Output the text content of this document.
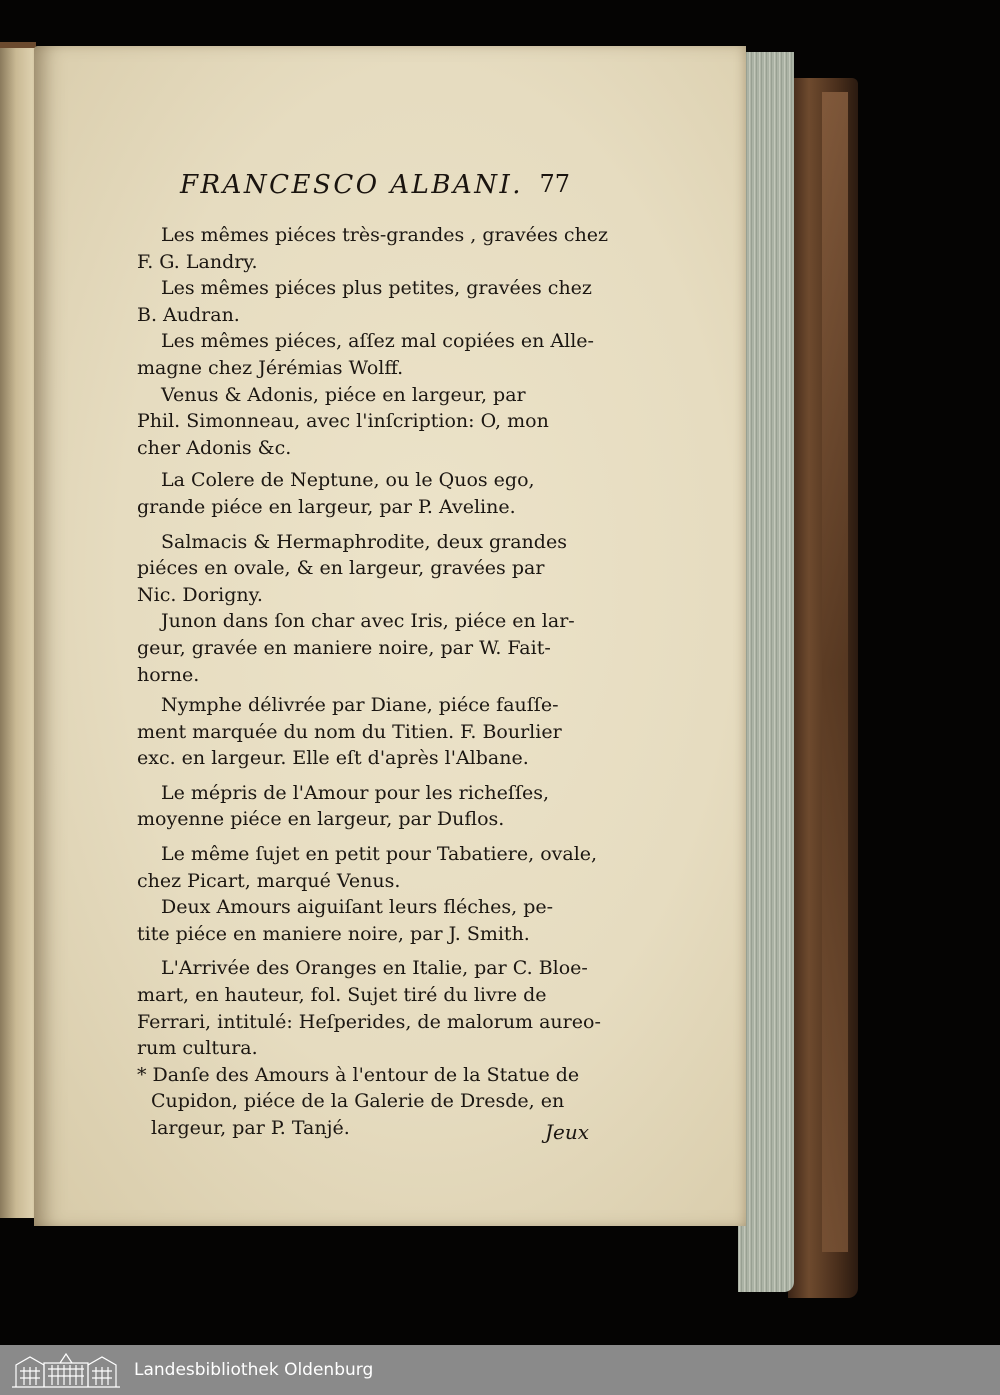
FRANCESCO ALBANI. 77
Les mêmes piéces très-grandes , gravées chez
F. G. Landry.
Les mêmes piéces plus petites, gravées chez
B. Audran.
Les mêmes piéces, aſſez mal copiées en Alle-
magne chez Jérémias Wolff.
Venus & Adonis, piéce en largeur, par
Phil. Simonneau, avec l'inſcription: O, mon
cher Adonis &c.
La Colere de Neptune, ou le Quos ego,
grande piéce en largeur, par P. Aveline.
Salmacis & Hermaphrodite, deux grandes
piéces en ovale, & en largeur, gravées par
Nic. Dorigny.
Junon dans ſon char avec Iris, piéce en lar-
geur, gravée en maniere noire, par W. Fait-
horne.
Nymphe délivrée par Diane, piéce fauſſe-
ment marquée du nom du Titien. F. Bourlier
exc. en largeur. Elle eſt d'après l'Albane.
Le mépris de l'Amour pour les richeſſes,
moyenne piéce en largeur, par Duflos.
Le même ſujet en petit pour Tabatiere, ovale,
chez Picart, marqué Venus.
Deux Amours aiguiſant leurs fléches, pe-
tite piéce en maniere noire, par J. Smith.
L'Arrivée des Oranges en Italie, par C. Bloe-
mart, en hauteur, fol. Sujet tiré du livre de
Ferrari, intitulé: Heſperides, de malorum aureo-
rum cultura.
* Danſe des Amours à l'entour de la Statue de
Cupidon, piéce de la Galerie de Dresde, en
largeur, par P. Tanjé.	Jeux
Landesbibliothek Oldenburg
